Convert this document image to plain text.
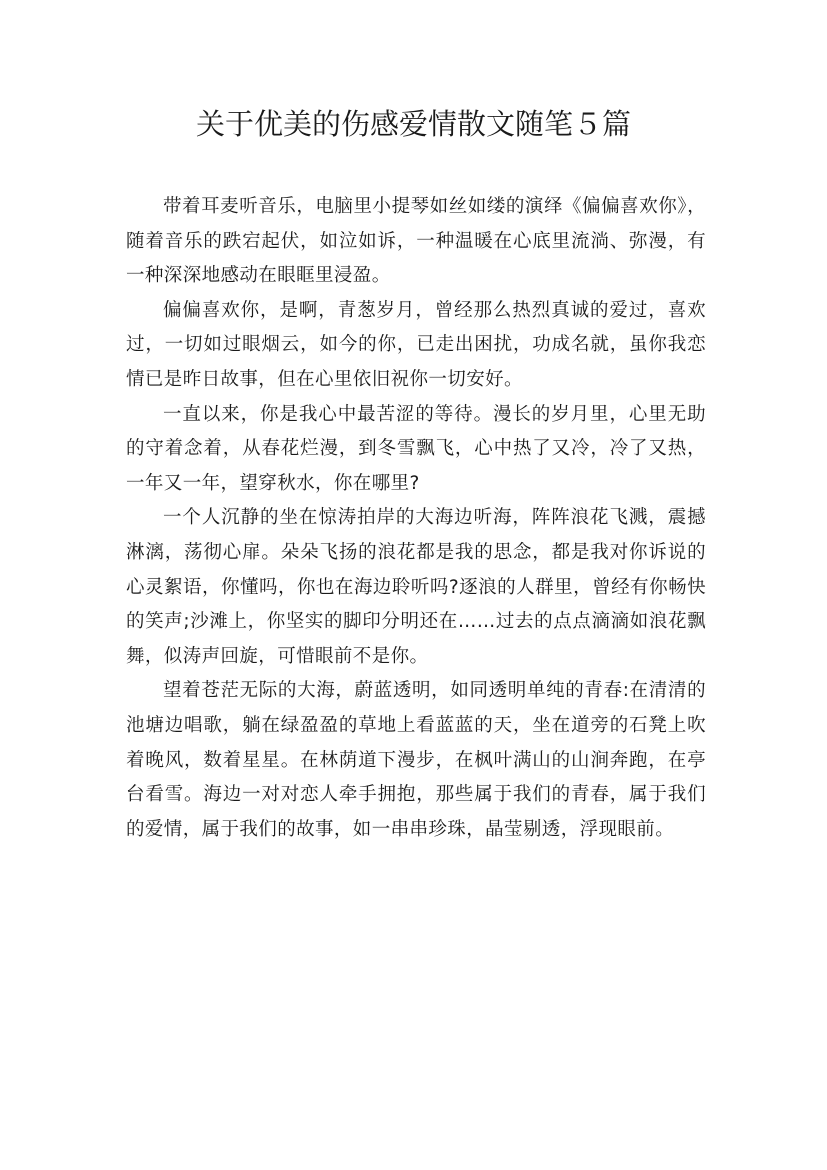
关于优美的伤感爱情散文随笔５篇

带着耳麦听音乐，电脑里小提琴如丝如缕的演绎《偏偏喜欢你》，随着音乐的跌宕起伏，如泣如诉，一种温暖在心底里流淌、弥漫，有一种深深地感动在眼眶里浸盈。

偏偏喜欢你，是啊，青葱岁月，曾经那么热烈真诚的爱过，喜欢过，一切如过眼烟云，如今的你，已走出困扰，功成名就，虽你我恋情已是昨日故事，但在心里依旧祝你一切安好。

一直以来，你是我心中最苦涩的等待。漫长的岁月里，心里无助的守着念着，从春花烂漫，到冬雪飘飞，心中热了又冷，冷了又热，一年又一年，望穿秋水，你在哪里?

一个人沉静的坐在惊涛拍岸的大海边听海，阵阵浪花飞溅，震撼淋漓，荡彻心扉。朵朵飞扬的浪花都是我的思念，都是我对你诉说的心灵絮语，你懂吗，你也在海边聆听吗?逐浪的人群里，曾经有你畅快的笑声;沙滩上，你坚实的脚印分明还在……过去的点点滴滴如浪花飘舞，似涛声回旋，可惜眼前不是你。

望着苍茫无际的大海，蔚蓝透明，如同透明单纯的青春:在清清的池塘边唱歌，躺在绿盈盈的草地上看蓝蓝的天，坐在道旁的石凳上吹着晚风，数着星星。在林荫道下漫步，在枫叶满山的山涧奔跑，在亭台看雪。海边一对对恋人牵手拥抱，那些属于我们的青春，属于我们的爱情，属于我们的故事，如一串串珍珠，晶莹剔透，浮现眼前。
